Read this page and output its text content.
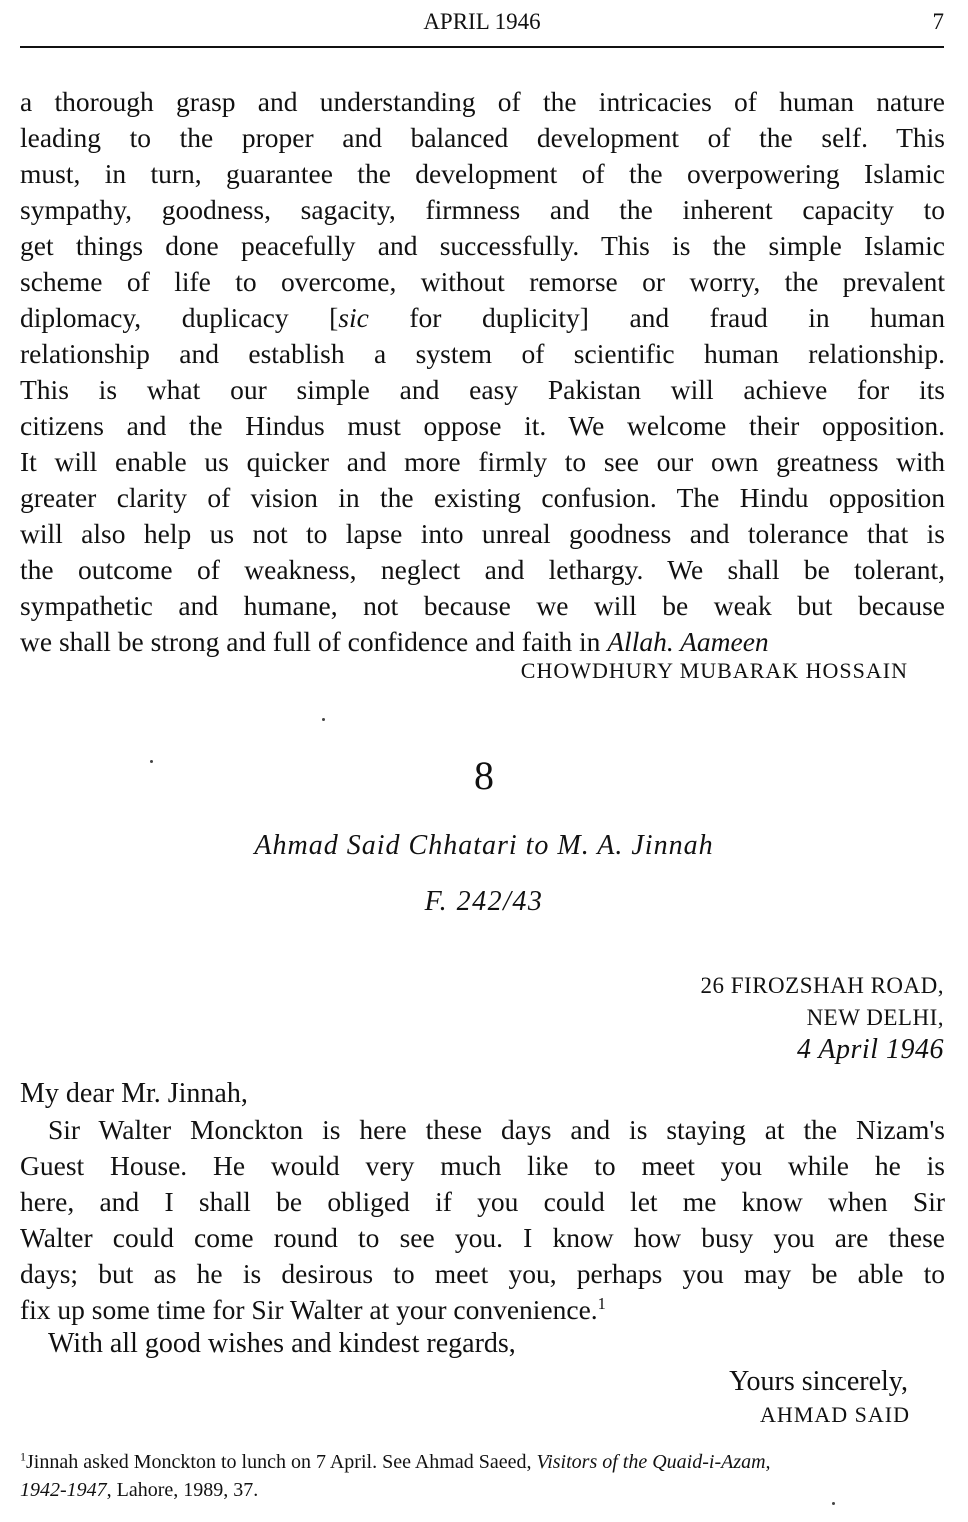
APRIL 1946	7
a thorough grasp and understanding of the intricacies of human nature
leading to the proper and balanced development of the self. This
must, in turn, guarantee the development of the overpowering Islamic
sympathy, goodness, sagacity, firmness and the inherent capacity to
get things done peacefully and successfully. This is the simple Islamic
scheme of life to overcome, without remorse or worry, the prevalent
diplomacy, duplicacy [sic for duplicity] and fraud in human
relationship and establish a system of scientific human relationship.
This is what our simple and easy Pakistan will achieve for its
citizens and the Hindus must oppose it. We welcome their opposition.
It will enable us quicker and more firmly to see our own greatness with
greater clarity of vision in the existing confusion. The Hindu opposition
will also help us not to lapse into unreal goodness and tolerance that is
the outcome of weakness, neglect and lethargy. We shall be tolerant,
sympathetic and humane, not because we will be weak but because
we shall be strong and full of confidence and faith in Allah. Aameen
CHOWDHURY MUBARAK HOSSAIN
8
Ahmad Said Chhatari to M. A. Jinnah
F. 242/43
26 FIROZSHAH ROAD,
NEW DELHI,
4 April 1946
My dear Mr. Jinnah,
Sir Walter Monckton is here these days and is staying at the Nizam's
Guest House. He would very much like to meet you while he is
here, and I shall be obliged if you could let me know when Sir
Walter could come round to see you. I know how busy you are these
days; but as he is desirous to meet you, perhaps you may be able to
fix up some time for Sir Walter at your convenience.$^1$
With all good wishes and kindest regards,
Yours sincerely,
AHMAD SAID
$^1$Jinnah asked Monckton to lunch on 7 April. See Ahmad Saeed, Visitors of the Quaid-i-Azam,
1942-1947, Lahore, 1989, 37.
